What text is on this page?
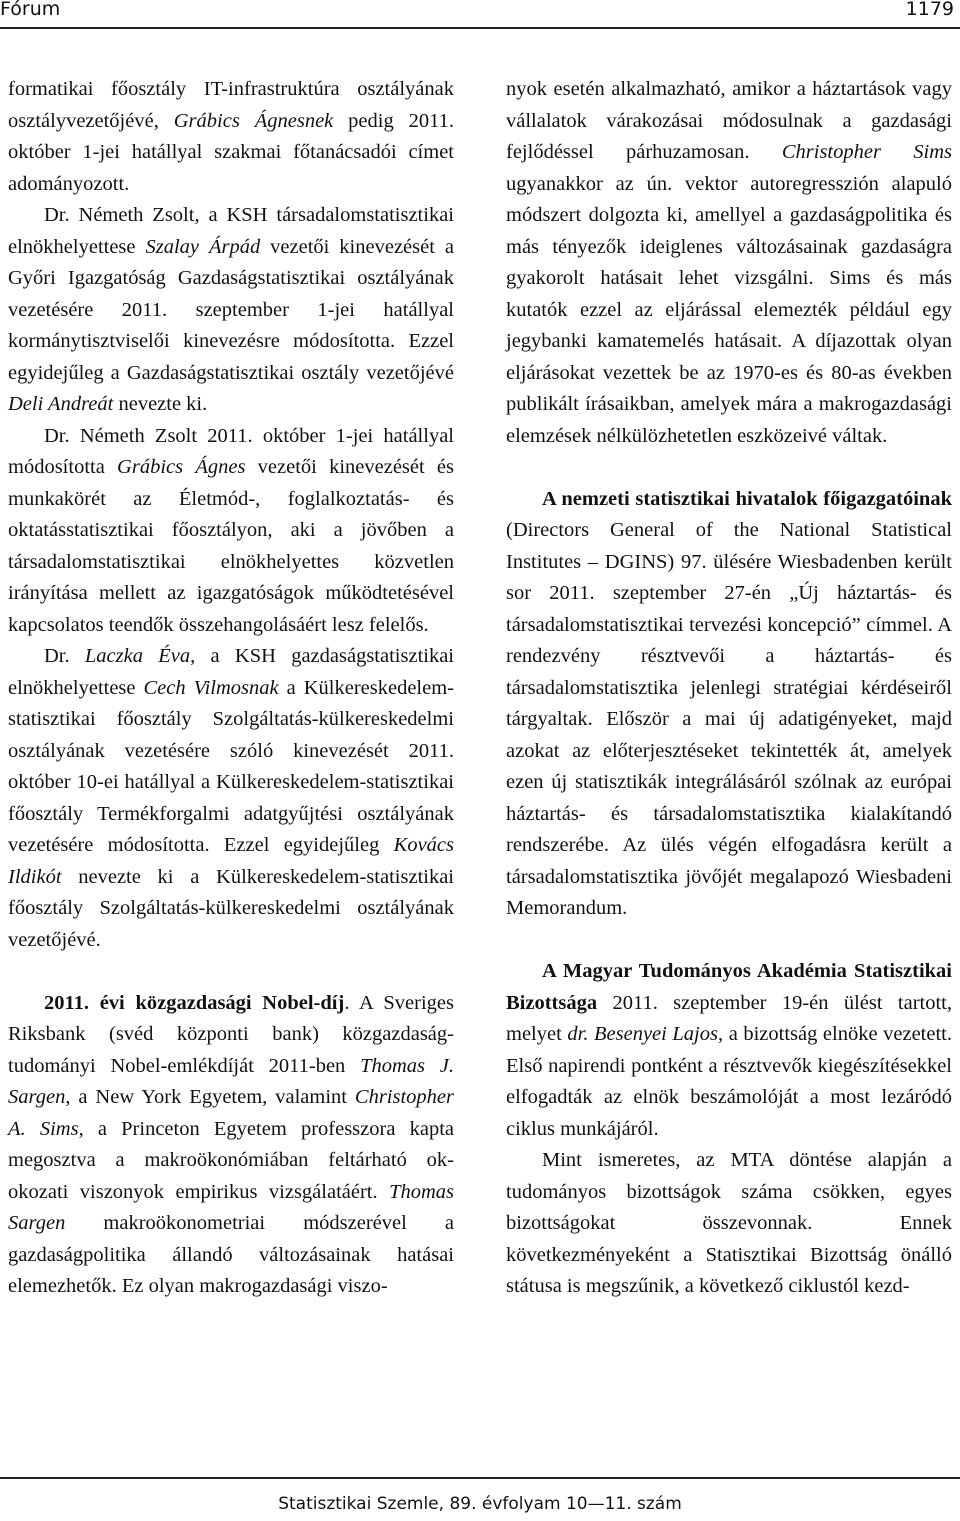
Fórum	1179

formatikai főosztály IT-infrastruktúra osztályának osztályvezetőjévé, Grábics Ágnesnek pedig 2011. október 1-jei hatállyal szakmai főtanácsadói címet adományozott.

Dr. Németh Zsolt, a KSH társadalomstatisztikai elnökhelyettese Szalay Árpád vezetői kinevezését a Győri Igazgatóság Gazdaságstatisztikai osztályának vezetésére 2011. szeptember 1-jei hatállyal kormánytisztviselői kinevezésre módosította. Ezzel egyidejűleg a Gazdaságstatisztikai osztály vezetőjévé Deli Andreát nevezte ki.

Dr. Németh Zsolt 2011. október 1-jei hatállyal módosította Grábics Ágnes vezetői kinevezését és munkakörét az Életmód-, foglalkoztatás- és oktatásstatisztikai főosztályon, aki a jövőben a társadalomstatisztikai elnökhelyettes közvetlen irányítása mellett az igazgatóságok működtetésével kapcsolatos teendők összehangolásáért lesz felelős.

Dr. Laczka Éva, a KSH gazdaságstatisztikai elnökhelyettese Cech Vilmosnak a Külkereskedelem-statisztikai főosztály Szolgáltatás-külkereskedelmi osztályának vezetésére szóló kinevezését 2011. október 10-ei hatállyal a Külkereskedelem-statisztikai főosztály Termékforgalmi adatgyűjtési osztályának vezetésére módosította. Ezzel egyidejűleg Kovács Ildikót nevezte ki a Külkereskedelem-statisztikai főosztály Szolgáltatás-külkereskedelmi osztályának vezetőjévé.

2011. évi közgazdasági Nobel-díj. A Sveriges Riksbank (svéd központi bank) közgazdaság-tudományi Nobel-emlékdíját 2011-ben Thomas J. Sargen, a New York Egyetem, valamint Christopher A. Sims, a Princeton Egyetem professzora kapta megosztva a makroökonómiában feltárható ok-okozati viszonyok empirikus vizsgálatáért. Thomas Sargen makroökonometriai módszerével a gazdaságpolitika állandó változásainak hatásai elemezhetők. Ez olyan makrogazdasági viszo-

nyok esetén alkalmazható, amikor a háztartások vagy vállalatok várakozásai módosulnak a gazdasági fejlődéssel párhuzamosan. Christopher Sims ugyanakkor az ún. vektor autoregresszión alapuló módszert dolgozta ki, amellyel a gazdaságpolitika és más tényezők ideiglenes változásainak gazdaságra gyakorolt hatásait lehet vizsgálni. Sims és más kutatók ezzel az eljárással elemezték például egy jegybanki kamatemelés hatásait. A díjazottak olyan eljárásokat vezettek be az 1970-es és 80-as években publikált írásaikban, amelyek mára a makrogazdasági elemzések nélkülözhetetlen eszközeivé váltak.

A nemzeti statisztikai hivatalok főigazgatóinak (Directors General of the National Statistical Institutes – DGINS) 97. ülésére Wiesbadenben került sor 2011. szeptember 27-én „Új háztartás- és társadalomstatisztikai tervezési koncepció” címmel. A rendezvény résztvevői a háztartás- és társadalomstatisztika jelenlegi stratégiai kérdéseiről tárgyaltak. Először a mai új adatigényeket, majd azokat az előterjesztéseket tekintették át, amelyek ezen új statisztikák integrálásáról szólnak az európai háztartás- és társadalomstatisztika kialakítandó rendszerébe. Az ülés végén elfogadásra került a társadalomstatisztika jövőjét megalapozó Wiesbadeni Memorandum.

A Magyar Tudományos Akadémia Statisztikai Bizottsága 2011. szeptember 19-én ülést tartott, melyet dr. Besenyei Lajos, a bizottság elnöke vezetett. Első napirendi pontként a résztvevők kiegészítésekkel elfogadták az elnök beszámolóját a most lezáródó ciklus munkájáról.

Mint ismeretes, az MTA döntése alapján a tudományos bizottságok száma csökken, egyes bizottságokat összevonnak. Ennek következményeként a Statisztikai Bizottság önálló státusa is megszűnik, a következő ciklustól kezd-

Statisztikai Szemle, 89. évfolyam 10—11. szám
